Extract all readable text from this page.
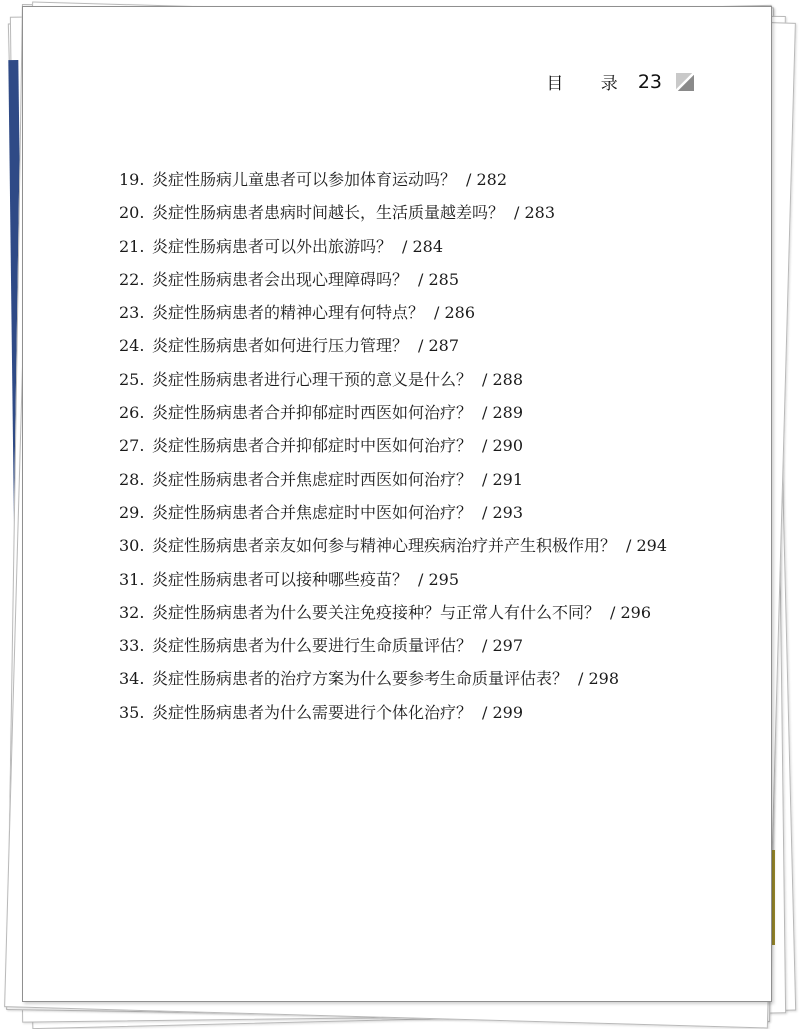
目 录 23
19. 炎症性肠病儿童患者可以参加体育运动吗？ / 282
20. 炎症性肠病患者患病时间越长，生活质量越差吗？ / 283
21. 炎症性肠病患者可以外出旅游吗？ / 284
22. 炎症性肠病患者会出现心理障碍吗？ / 285
23. 炎症性肠病患者的精神心理有何特点？ / 286
24. 炎症性肠病患者如何进行压力管理？ / 287
25. 炎症性肠病患者进行心理干预的意义是什么？ / 288
26. 炎症性肠病患者合并抑郁症时西医如何治疗？ / 289
27. 炎症性肠病患者合并抑郁症时中医如何治疗？ / 290
28. 炎症性肠病患者合并焦虑症时西医如何治疗？ / 291
29. 炎症性肠病患者合并焦虑症时中医如何治疗？ / 293
30. 炎症性肠病患者亲友如何参与精神心理疾病治疗并产生积极作用？ / 294
31. 炎症性肠病患者可以接种哪些疫苗？ / 295
32. 炎症性肠病患者为什么要关注免疫接种？与正常人有什么不同？ / 296
33. 炎症性肠病患者为什么要进行生命质量评估？ / 297
34. 炎症性肠病患者的治疗方案为什么要参考生命质量评估表？ / 298
35. 炎症性肠病患者为什么需要进行个体化治疗？ / 299
